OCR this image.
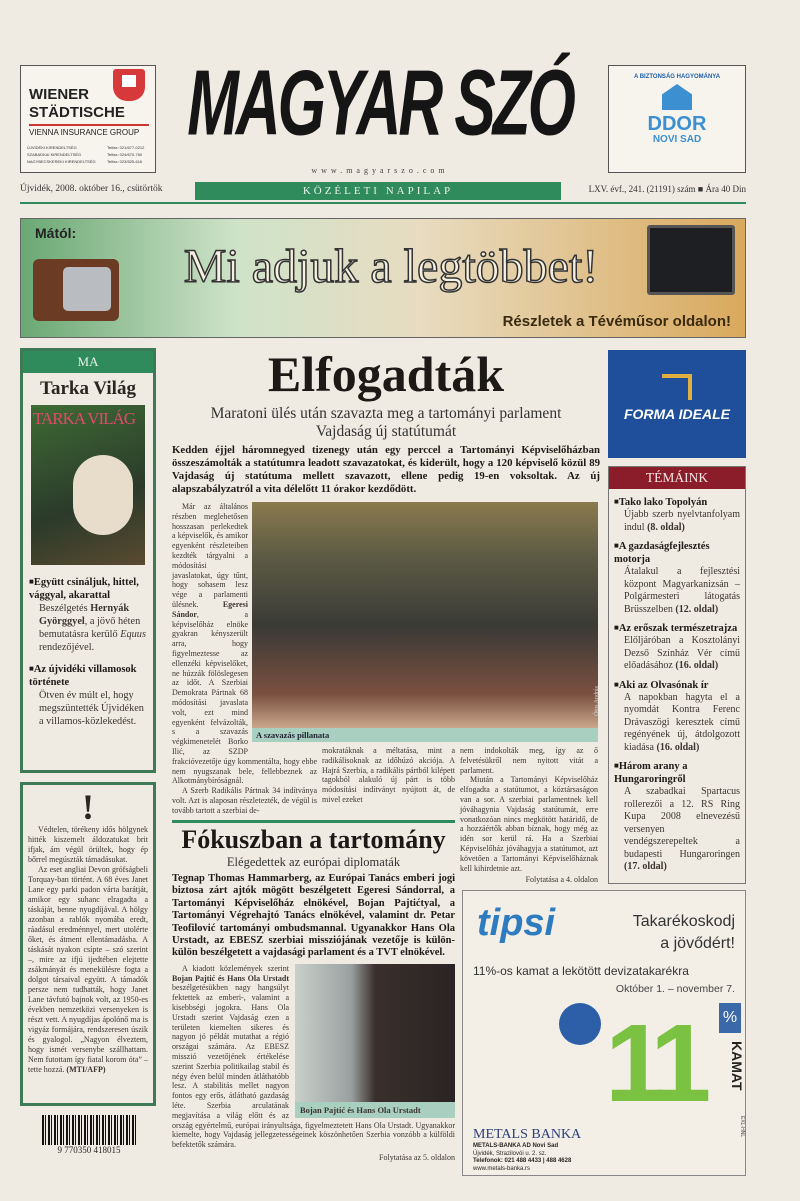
WIENER
STÄDTISCHE
VIENNA INSURANCE GROUP
ÚJVIDÉKI KIRENDELTSÉG
SZABADKAI KIRENDELTSÉG
NAGYBECSKEREKI KIRENDELTSÉG
Telfax: 021/677-0212
Telfax: 024/670-760
Telfax: 023/525-616
MAGYAR SZÓ
www.magyarszo.com
Újvidék, 2008. október 16., csütörtök	KÖZÉLETI NAPILAP	LXV. évf., 241. (21191) szám ■ Ára 40 Din
A BIZTONSÁG HAGYOMÁNYA
DDOR
NOVI SAD
Mától:
Mi adjuk a legtöbbet!
Részletek a Tévéműsor oldalon!
MA
Tarka Világ
TARKA VILÁG
■ Együtt csináljuk, hittel, vággyal, akarattal
Beszélgetés Hernyák Györggyel, a jövő héten bemutatásra kerülő Equus rendezőjével.
■ Az újvidéki villamosok története
Ötven év múlt el, hogy megszüntették Újvidéken a villamos-közlekedést.
!

Védtelen, törékeny idős hölgynek hitték kiszemelt áldozatukat brit ifjak, ám végül örültek, hogy ép bőrrel megúszták támadásukat.

Az eset angliai Devon grófságbeli Torquay-ban történt. A 68 éves Janet Lane egy parki padon várta barátját, amikor egy suhanc elragadta a táskáját, benne nyugdíjával. A hölgy azonban a rablók nyomába eredt, ráadásul eredménnyel, mert utolérte őket, és átment ellentámadásba. A táskását nyakon csípte – szó szerint –, mire az ifjú ijedtében elejtette zsákmányát és menekülésre fogta a dolgot társaival együtt. A támadók persze nem tudhatták, hogy Janet Lane távfutó bajnok volt, az 1950-es években nemzetközi versenyeken is részt vett. A nyugdíjas ápolónő ma is vigyáz formájára, rendszeresen úszik és gyalogol. „Nagyon élveztem, hogy ismét versenybe szállhattam. Nem futottam így fiatal korom óta” – tette hozzá. (MTI/AFP)

9 770350 418015
Elfogadták
Maratoni ülés után szavazta meg a tartományi parlament
Vajdaság új statútumát
Kedden éjjel háromnegyed tizenegy után egy perccel a Tartományi Képviselőházban összeszámolták a statútumra leadott szavazatokat, és kiderült, hogy a 120 képviselő közül 89 Vajdaság új statútuma mellett szavazott, ellene pedig 19-en voksoltak. Az új alapszabályzatról a vita délelőtt 11 órakor kezdődött.

Már az általános részben meglehetősen hosszasan perlekedtek a képviselők, és amikor egyenként részleteiben kezdték tárgyalni a módosítási javaslatokat, úgy tűnt, hogy sohasem lesz vége a parlamenti ülésnek. Egeresi Sándor, a képviselőház elnöke gyakran kényszerült arra, hogy figyelmeztesse az ellenzéki képviselőket, ne húzzák fölöslegesen az időt. A Szerbiai Demokrata Pártnak 68 módosítási javaslata volt, ezt mind egyenként felvázolták, s a szavazás végkimenetelét Borko Ilić, az SZDP frakcióvezetője úgy kommentálta, hogy ebbe nem nyugszanak bele, fellebbeznek az Alkotmánybíróságnál.

A Szerb Radikális Pártnak 34 indítványa volt. Azt is alaposan részletezték, de végül is tovább tartott a szerbiai de-

Ótos András
A szavazás pillanata
mokratáknak a méltatása, mint a radikálisoknak az időhúzó akciója. A Hajrá Szerbia, a radikális pártból kilépett tagokból alakuló új párt is több módosítási indítványt nyújtott át, de mivel ezeket
nem indokolták meg, így az ő felvetésükről nem nyitott vitát a parlament.

Miután a Tartományi Képviselőház elfogadta a statútumot, a köztársaságon van a sor. A szerbiai parlamentnek kell jóváhagynia Vajdaság statútumát, erre vonatkozóan nincs megkötött határidő, de a hozzáértők abban bíznak, hogy még az idén sor kerül rá. Ha a Szerbiai Képviselőház jóváhagyja a statútumot, azt követően a Tartományi Képviselőháznak kell kihirdetnie azt.

Folytatása a 4. oldalon
Fókuszban a tartomány
Elégedettek az európai diplomaták
Tegnap Thomas Hammarberg, az Európai Tanács emberi jogi biztosa zárt ajtók mögött beszélgetett Egeresi Sándorral, a Tartományi Képviselőház elnökével, Bojan Pajtićtyal, a Tartományi Végrehajtó Tanács elnökével, valamint dr. Petar Teofilović tartományi ombudsmannal. Ugyanakkor Hans Ola Urstadt, az EBESZ szerbiai missziójának vezetője is külön-külön beszélgetett a vajdasági parlament és a TVT elnökével.
Bojan Pajtić és Hans Ola Urstadt

A kiadott közlemények szerint Bojan Pajtić és Hans Ola Urstadt beszélgetésükben nagy hangsúlyt fektettek az emberi-, valamint a kisebbségi jogokra. Hans Ola Urstadt szerint Vajdaság ezen a területen kiemelten sikeres és nagyon jó példát mutathat a régió országai számára. Az EBESZ misszió vezetőjének értékelése szerint Szerbia politikailag stabil és négy éven belül minden átláthatóbb lesz. A stabilitás mellet nagyon fontos egy erős, átlátható gazdaság léte. Szerbia arculatának megjavítása a világ előtt és az ország egyértelmű, európai irányultsága, figyelmeztetett Hans Ola Urstadt. Ugyanakkor kiemelte, hogy Vajdaság jellegzetességeinek köszönhetően Szerbia vonzóbb a külföldi befektetők számára.

Folytatása az 5. oldalon
FORMA IDEALE
TÉMÁINK
■ Tako lako Topolyán
Újabb szerb nyelvtanfolyam indul (8. oldal)
■ A gazdaságfejlesztés motorja
Átalakul a fejlesztési központ Magyarkanizsán – Polgármesteri látogatás Brüsszelben (12. oldal)
■ Az erőszak természetrajza
Előljáróban a Kosztolányi Dezső Színház Vér című előadásához (16. oldal)
■ Aki az Olvasónak ír
A napokban hagyta el a nyomdát Kontra Ferenc Drávaszögi keresztek című regényének új, átdolgozott kiadása (16. oldal)
■ Három arany a Hungaroringről
A szabadkai Spartacus rollerezői a 12. RS Ring Kupa 2008 elnevezésű versenyen vendégszerepeltek a budapesti Hungaroringen (17. oldal)
tipsi	Takarékoskodj
a jövődért!
11%-os kamat a lekötött devizatakarékra
Október 1. – november 7.
11 %
KAMAT
EXL-HNL
METALS BANKA
METALS-BANKA AD Novi Sad
Újvidék, Strazilovói u. 2. sz.
Telefonok: 021 488 4433 | 488 4628
www.metals-banka.rs
